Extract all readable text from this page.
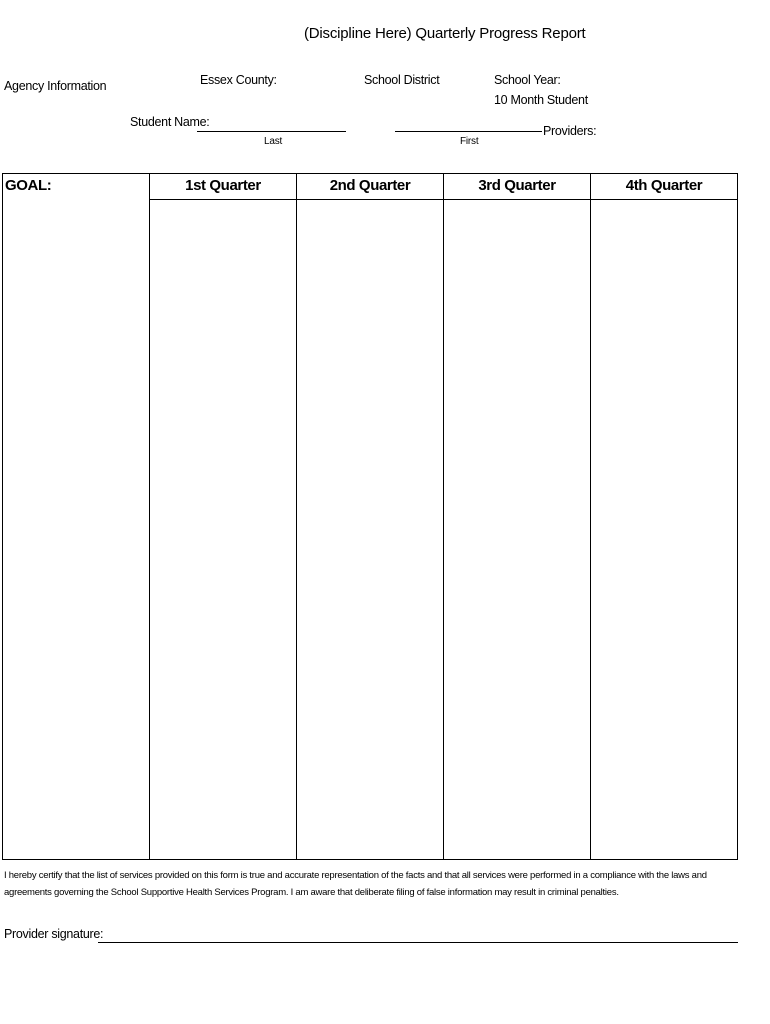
(Discipline Here) Quarterly Progress Report
Agency Information	Essex County:	School District	School Year:
10 Month Student
Student Name:
Last	First
Providers:
GOAL:	1st Quarter	2nd Quarter	3rd Quarter	4th Quarter
I hereby certify that the list of services provided on this form is true and accurate representation of the facts and that all services were performed in a compliance with the laws and agreements governing the School Supportive Health Services Program. I am aware that deliberate filing of false information may result in criminal penalties.
Provider signature:
